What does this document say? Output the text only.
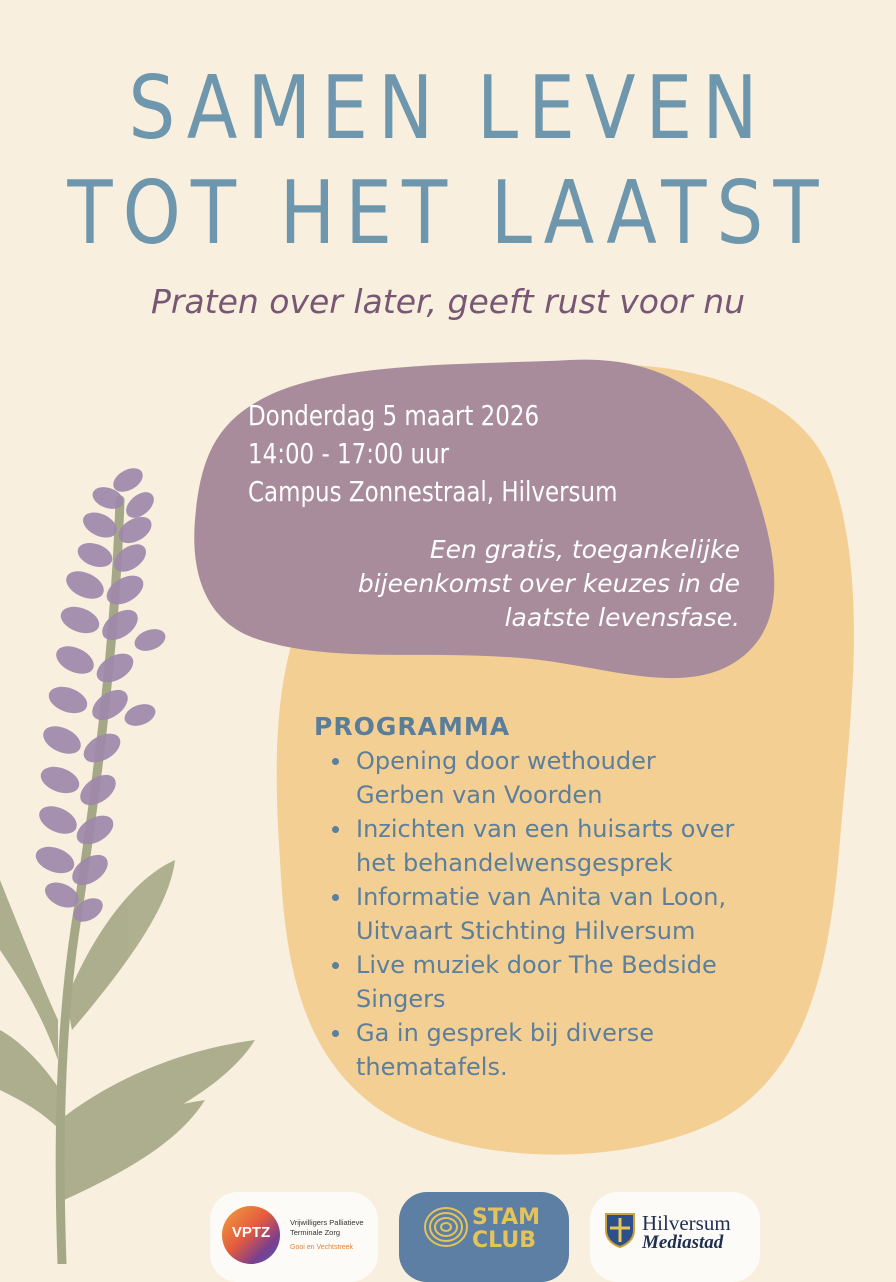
SAMEN LEVEN
TOT HET LAATST
Praten over later, geeft rust voor nu
Donderdag 5 maart 2026
14:00 - 17:00 uur
Campus Zonnestraal, Hilversum
Een gratis, toegankelijke
bijeenkomst over keuzes in de
laatste levensfase.
PROGRAMMA
Opening door wethouder
Gerben van Voorden
Inzichten van een huisarts over
het behandelwensgesprek
Informatie van Anita van Loon,
Uitvaart Stichting Hilversum
Live muziek door The Bedside
Singers
Ga in gesprek bij diverse
thematafels.
VPTZ
Vrijwilligers Palliatieve Terminale Zorg
Gooi en Vechtstreek
STAM
CLUB
Hilversum
Mediastad
